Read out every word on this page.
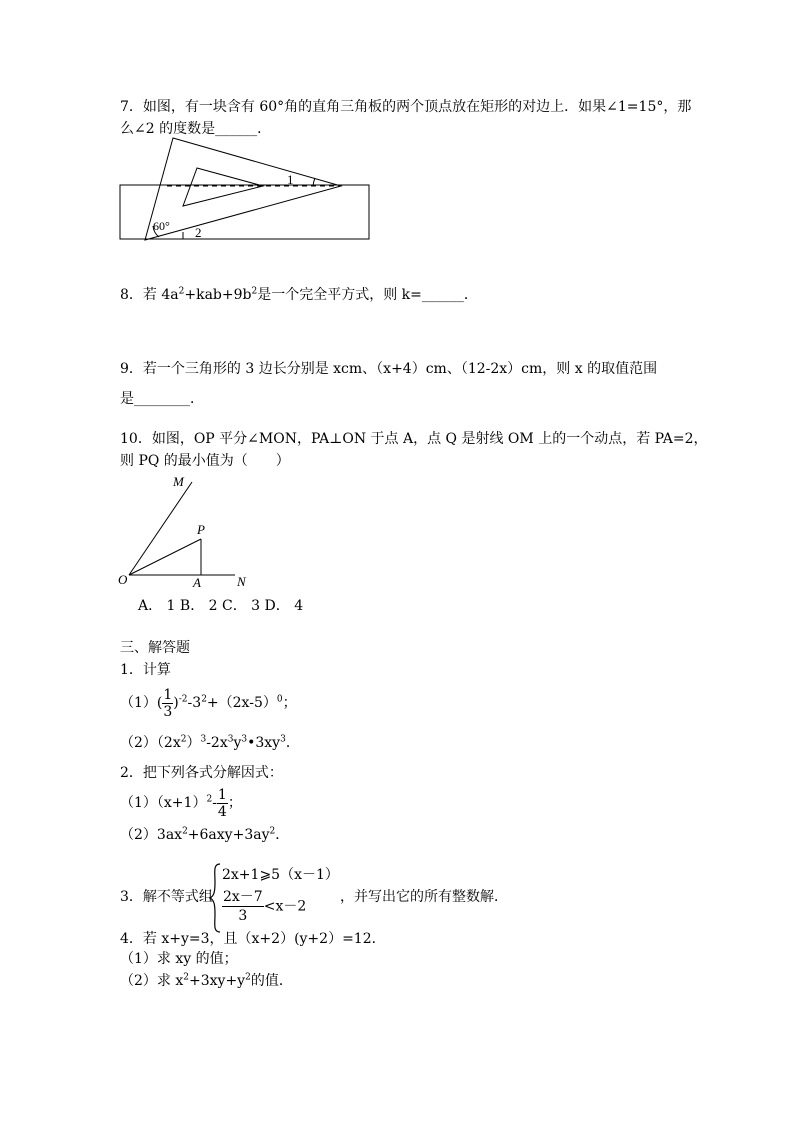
7．如图，有一块含有 60°角的直角三角板的两个顶点放在矩形的对边上．如果∠1=15°，那
么∠2 的度数是______．
1
2
60°
8．若 $4a^2+kab+9b^2$是一个完全平方式，则 k=______．
9．若一个三角形的 3 边长分别是 xcm、（x+4）cm、（12-2x）cm，则 x 的取值范围
是________．
10．如图，OP 平分∠MON，PA⊥ON 于点 A，点 Q 是射线 OM 上的一个动点，若 PA=2，
则 PQ 的最小值为（　　）
M
P
O	A	N
A． 1 B． 2 C． 3 D． 4
三、解答题
1．计算
$(1)( \frac{1}{3} )^{-2}-3^2+(2x-5)^0$；
$(2)(2x^2)^3-2x^3y^3•3xy^3$．
2．把下列各式分解因式：
$(1)(x+1)^2- \frac{1}{4}$ ；
$(2)3ax^2+6axy+3ay^2$．
3．解不等式组
2x+1⩾5（x－1）
$\frac{2x-7}{3} <x-2$
，并写出它的所有整数解．
4．若 x+y=3，且（x+2）(y+2）=12．
（1）求 xy 的值；
（2）求 $x^2+3xy+y^2$的值．
